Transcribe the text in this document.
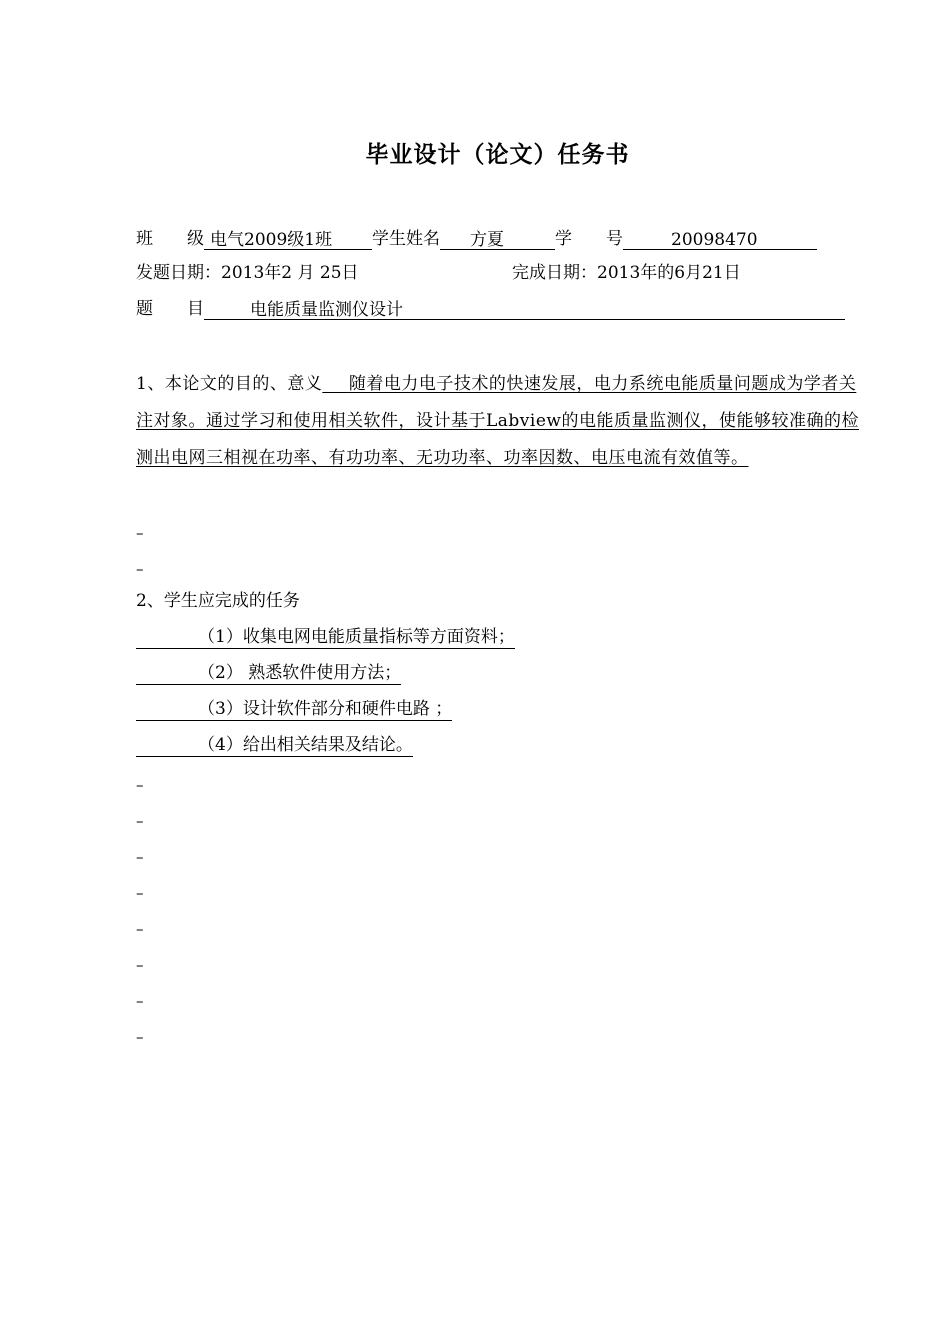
毕业设计（论文）任务书
班　　级 电气2009级1班 学生姓名 方夏	学　　号	20098470
发题日期：2013年2 月 25日	完成日期：2013年的6月21日
题　　目	电能质量监测仪设计
1、本论文的目的、意义　  随着电力电子技术的快速发展，电力系统电能质量问题成为学者关注对象。通过学习和使用相关软件，设计基于Labview的电能质量监测仪，使能够较准确的检测出电网三相视在功率、有功功率、无功功率、功率因数、电压电流有效值等。
–
–
2、学生应完成的任务
（1）收集电网电能质量指标等方面资料；
（2） 熟悉软件使用方法；
（3）设计软件部分和硬件电路 ；
（4）给出相关结果及结论。
–
–
–
–
–
–
–
–
